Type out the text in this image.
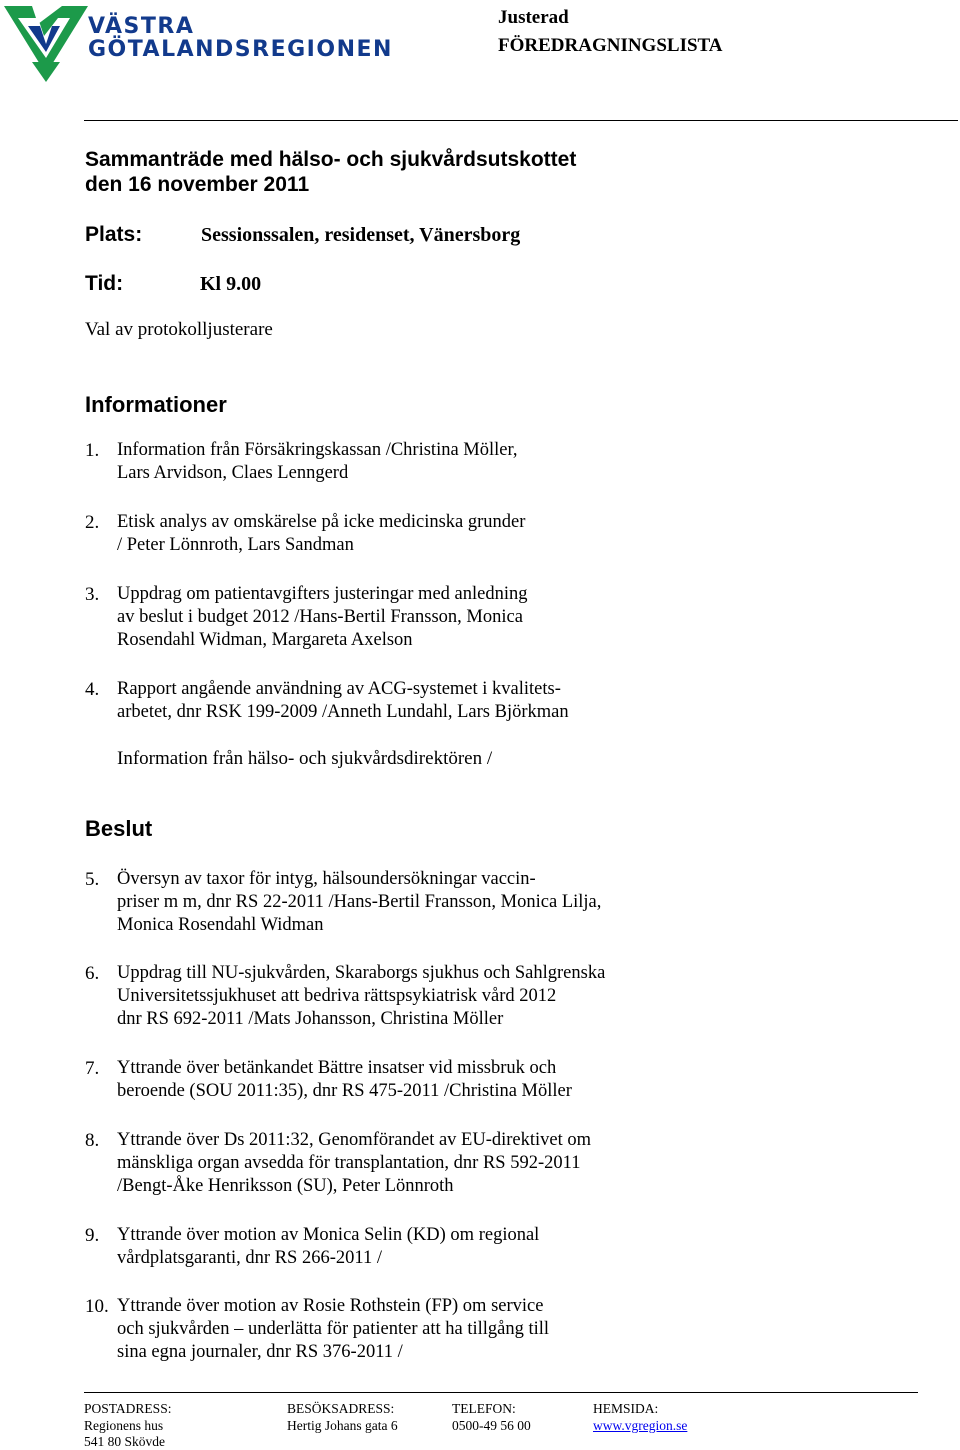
VÄSTRA
GÖTALANDSREGIONEN
Justerad
FÖREDRAGNINGSLISTA
Sammanträde med hälso- och sjukvårdsutskottet
den 16 november 2011
Plats:	Sessionssalen, residenset, Vänersborg
Tid:	Kl 9.00
Val av protokolljusterare
Informationer
1. Information från Försäkringskassan /Christina Möller,
Lars Arvidson, Claes Lenngerd
2. Etisk analys av omskärelse på icke medicinska grunder
/ Peter Lönnroth, Lars Sandman
3. Uppdrag om patientavgifters justeringar med anledning
av beslut i budget 2012 /Hans-Bertil Fransson, Monica
Rosendahl Widman, Margareta Axelson
4. Rapport angående användning av ACG-systemet i kvalitets-
arbetet, dnr RSK 199-2009 /Anneth Lundahl, Lars Björkman
Information från hälso- och sjukvårdsdirektören /
Beslut
5. Översyn av taxor för intyg, hälsoundersökningar vaccin-
priser m m, dnr RS 22-2011 /Hans-Bertil Fransson, Monica Lilja,
Monica Rosendahl Widman
6. Uppdrag till NU-sjukvården, Skaraborgs sjukhus och Sahlgrenska
Universitetssjukhuset att bedriva rättspsykiatrisk vård 2012
dnr RS 692-2011 /Mats Johansson, Christina Möller
7. Yttrande över betänkandet Bättre insatser vid missbruk och
beroende (SOU 2011:35), dnr RS 475-2011 /Christina Möller
8. Yttrande över Ds 2011:32, Genomförandet av EU-direktivet om
mänskliga organ avsedda för transplantation, dnr RS 592-2011
/Bengt-Åke Henriksson (SU), Peter Lönnroth
9. Yttrande över motion av Monica Selin (KD) om regional
vårdplatsgaranti, dnr RS 266-2011 /
10. Yttrande över motion av Rosie Rothstein (FP) om service
och sjukvården – underlätta för patienter att ha tillgång till
sina egna journaler, dnr RS 376-2011 /
POSTADRESS:
Regionens hus
541 80 Skövde
BESÖKSADRESS:
Hertig Johans gata 6
TELEFON:
0500-49 56 00
HEMSIDA:
www.vgregion.se
